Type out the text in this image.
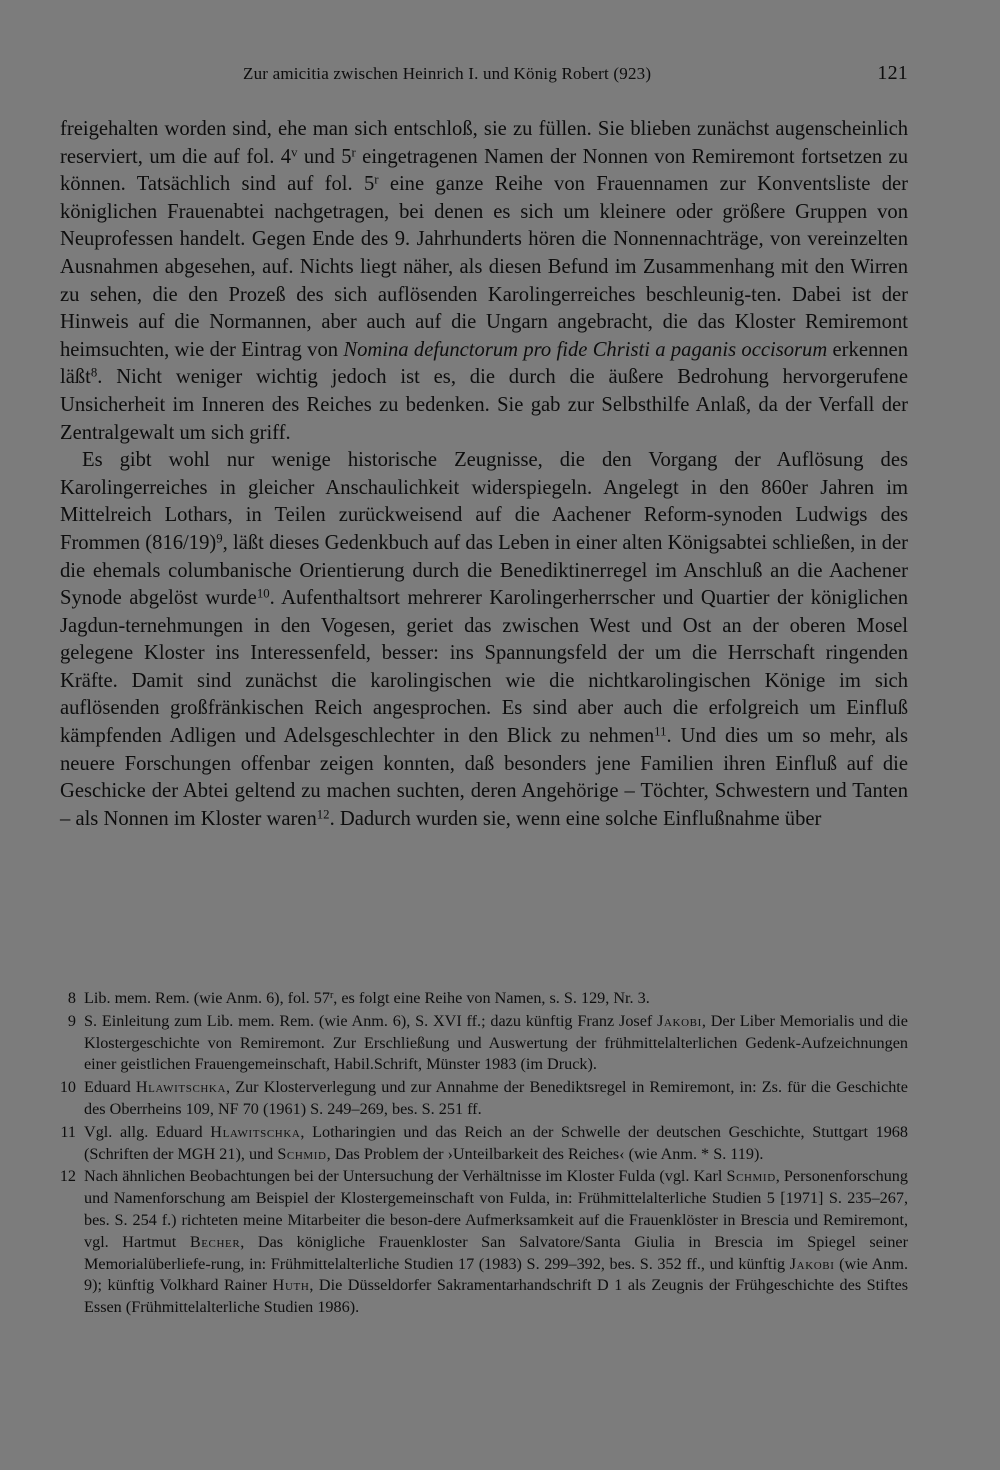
Zur amicitia zwischen Heinrich I. und König Robert (923)	121

freigehalten worden sind, ehe man sich entschloß, sie zu füllen. Sie blieben zunächst augenscheinlich reserviert, um die auf fol. 4$^v$ und 5$^r$ eingetragenen Namen der Nonnen von Remiremont fortsetzen zu können. Tatsächlich sind auf fol. 5$^r$ eine ganze Reihe von Frauennamen zur Konventsliste der königlichen Frauenabtei nachgetragen, bei denen es sich um kleinere oder größere Gruppen von Neuprofessen handelt. Gegen Ende des 9. Jahrhunderts hören die Nonnennachträge, von vereinzelten Ausnahmen abgesehen, auf. Nichts liegt näher, als diesen Befund im Zusammenhang mit den Wirren zu sehen, die den Prozeß des sich auflösenden Karolingerreiches beschleunig-ten. Dabei ist der Hinweis auf die Normannen, aber auch auf die Ungarn angebracht, die das Kloster Remiremont heimsuchten, wie der Eintrag von Nomina defunctorum pro fide Christi a paganis occisorum erkennen läßt$^8$. Nicht weniger wichtig jedoch ist es, die durch die äußere Bedrohung hervorgerufene Unsicherheit im Inneren des Reiches zu bedenken. Sie gab zur Selbsthilfe Anlaß, da der Verfall der Zentralgewalt um sich griff.

Es gibt wohl nur wenige historische Zeugnisse, die den Vorgang der Auflösung des Karolingerreiches in gleicher Anschaulichkeit widerspiegeln. Angelegt in den 860er Jahren im Mittelreich Lothars, in Teilen zurückweisend auf die Aachener Reform-synoden Ludwigs des Frommen $(816/19)^9$, läßt dieses Gedenkbuch auf das Leben in einer alten Königsabtei schließen, in der die ehemals columbanische Orientierung durch die Benediktinerregel im Anschluß an die Aachener Synode abgelöst wurde$^{10}$. Aufenthaltsort mehrerer Karolingerherrscher und Quartier der königlichen Jagdun-ternehmungen in den Vogesen, geriet das zwischen West und Ost an der oberen Mosel gelegene Kloster ins Interessenfeld, besser: ins Spannungsfeld der um die Herrschaft ringenden Kräfte. Damit sind zunächst die karolingischen wie die nichtkarolingischen Könige im sich auflösenden großfränkischen Reich angesprochen. Es sind aber auch die erfolgreich um Einfluß kämpfenden Adligen und Adelsgeschlechter in den Blick zu nehmen$^{11}$. Und dies um so mehr, als neuere Forschungen offenbar zeigen konnten, daß besonders jene Familien ihren Einfluß auf die Geschicke der Abtei geltend zu machen suchten, deren Angehörige – Töchter, Schwestern und Tanten – als Nonnen im Kloster waren$^{12}$. Dadurch wurden sie, wenn eine solche Einflußnahme über

8 Lib. mem. Rem. (wie Anm. 6), fol. 57$^r$, es folgt eine Reihe von Namen, s. S. 129, Nr. 3.
9 S. Einleitung zum Lib. mem. Rem. (wie Anm. 6), S. XVI ff.; dazu künftig Franz Josef Jakobi, Der Liber Memorialis und die Klostergeschichte von Remiremont. Zur Erschließung und Auswertung der frühmittelalterlichen Gedenk-Aufzeichnungen einer geistlichen Frauengemeinschaft, Habil.Schrift, Münster 1983 (im Druck).
10 Eduard Hlawitschka, Zur Klosterverlegung und zur Annahme der Benediktsregel in Remiremont, in: Zs. für die Geschichte des Oberrheins 109, NF 70 (1961) S. 249–269, bes. S. 251 ff.
11 Vgl. allg. Eduard Hlawitschka, Lotharingien und das Reich an der Schwelle der deutschen Geschichte, Stuttgart 1968 (Schriften der MGH 21), und Schmid, Das Problem der ›Unteilbarkeit des Reiches‹ (wie Anm. * S. 119).
12 Nach ähnlichen Beobachtungen bei der Untersuchung der Verhältnisse im Kloster Fulda (vgl. Karl Schmid, Personenforschung und Namenforschung am Beispiel der Klostergemeinschaft von Fulda, in: Frühmittelalterliche Studien 5 [1971] S. 235–267, bes. S. 254 f.) richteten meine Mitarbeiter die beson-dere Aufmerksamkeit auf die Frauenklöster in Brescia und Remiremont, vgl. Hartmut Becher, Das königliche Frauenkloster San Salvatore/Santa Giulia in Brescia im Spiegel seiner Memorialüberliefe-rung, in: Frühmittelalterliche Studien 17 (1983) S. 299–392, bes. S. 352 ff., und künftig Jakobi (wie Anm. 9); künftig Volkhard Rainer Huth, Die Düsseldorfer Sakramentarhandschrift D 1 als Zeugnis der Frühgeschichte des Stiftes Essen (Frühmittelalterliche Studien 1986).
